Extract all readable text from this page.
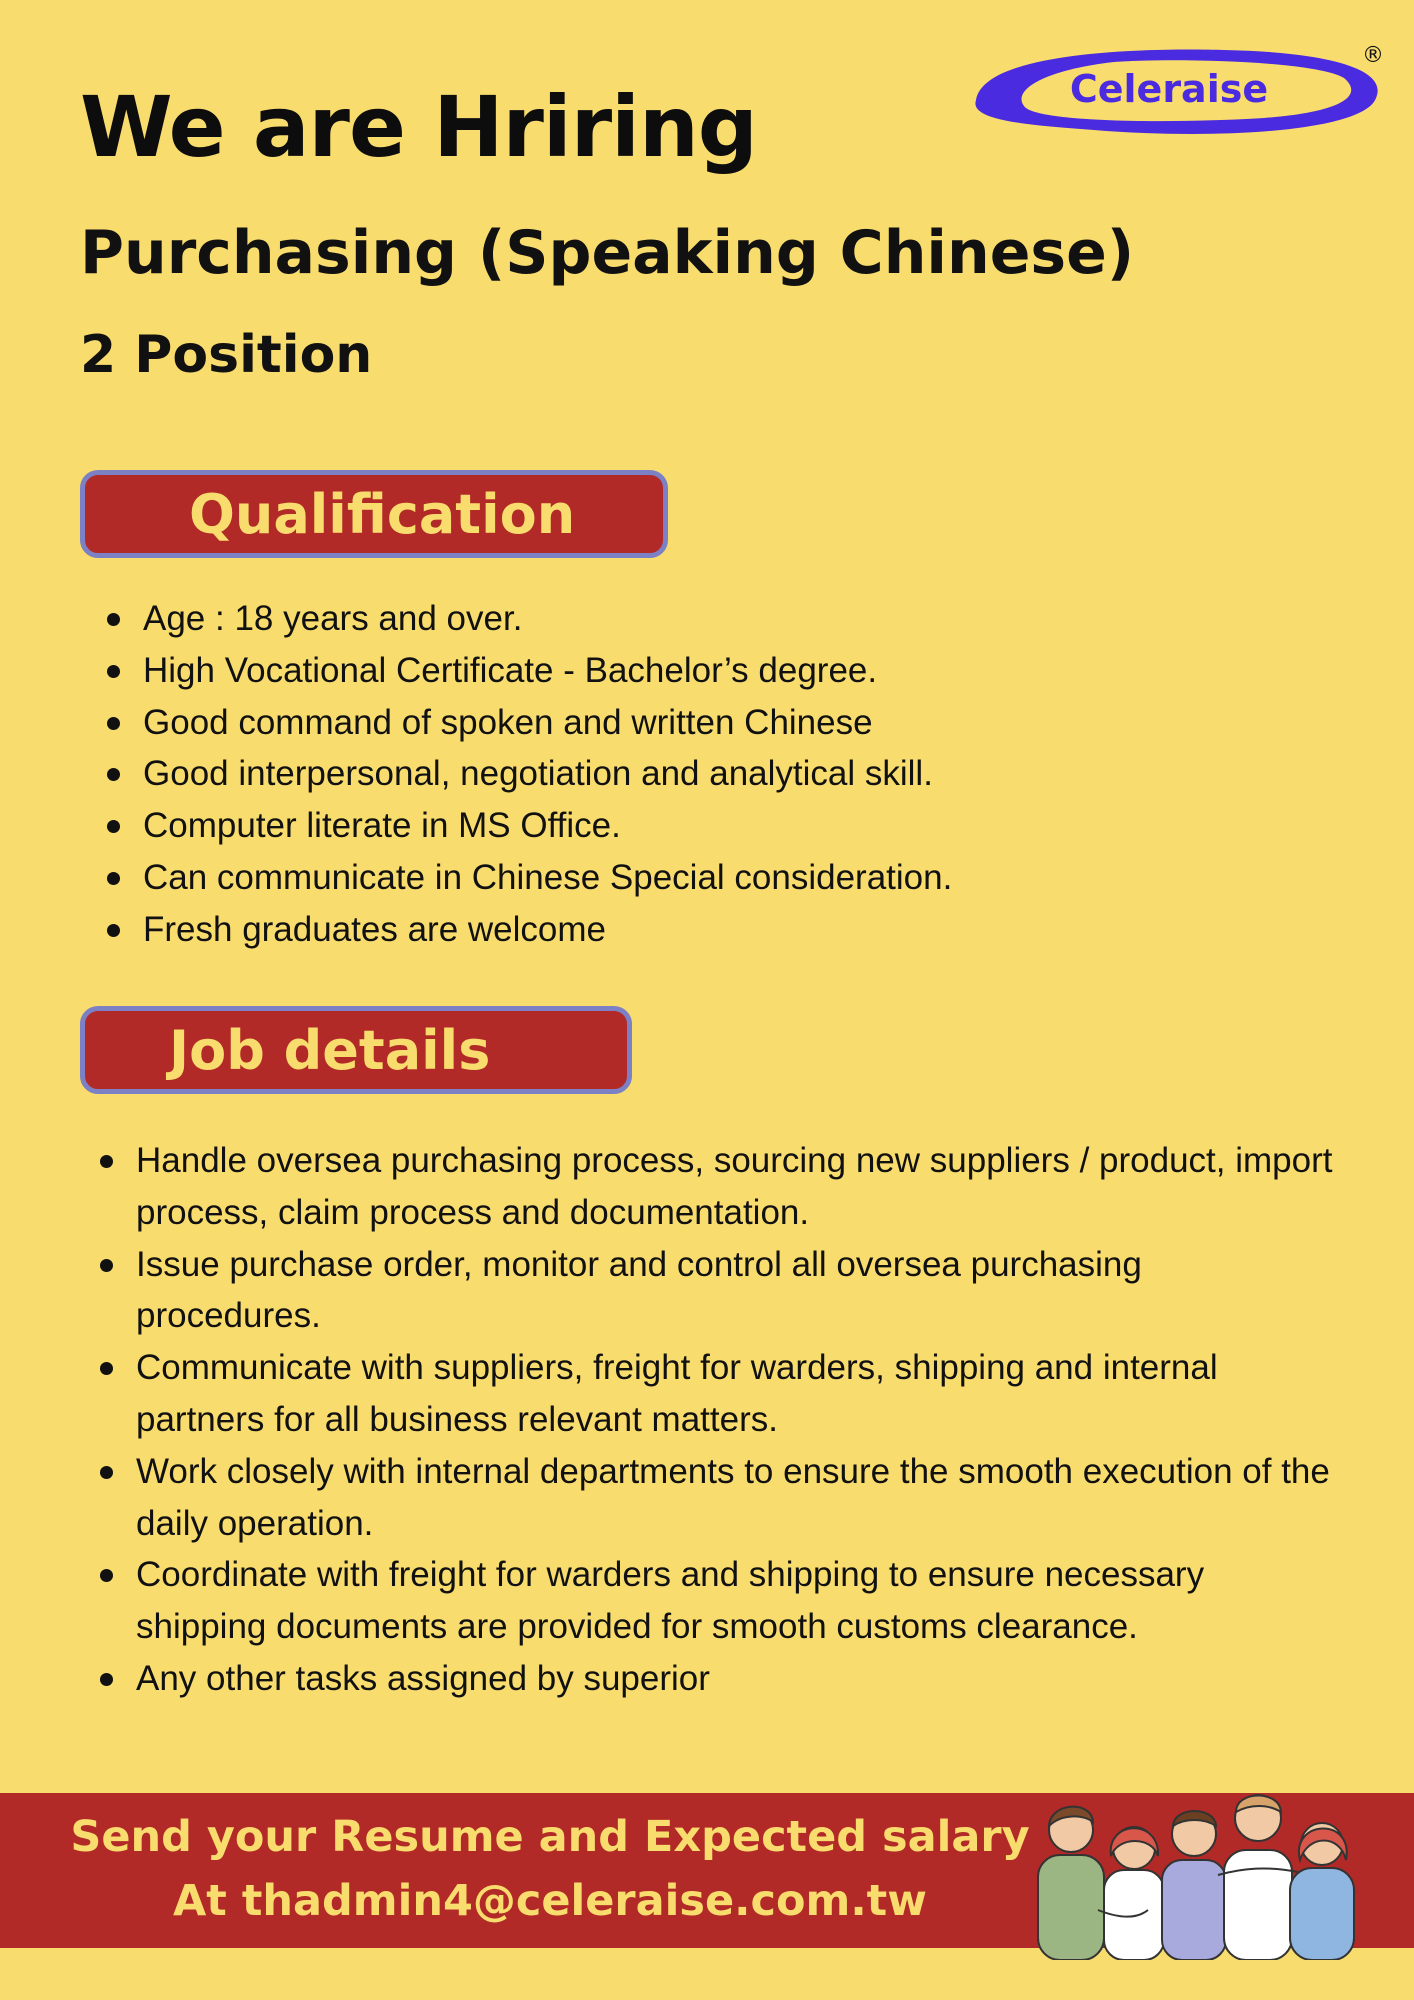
We are Hriring
Purchasing (Speaking Chinese)
2 Position
Celeraise
®
Qualification
Age : 18 years and over.
High Vocational Certificate - Bachelor’s degree.
Good command of spoken and written Chinese
Good interpersonal, negotiation and analytical skill.
Computer literate in MS Office.
Can communicate in Chinese Special consideration.
Fresh graduates are welcome
Job details
Handle oversea purchasing process, sourcing new suppliers / product, import process, claim process and documentation.
Issue purchase order, monitor and control all oversea purchasing procedures.
Communicate with suppliers, freight for warders, shipping and internal partners for all business relevant matters.
Work closely with internal departments to ensure the smooth execution of the daily operation.
Coordinate with freight for warders and shipping to ensure necessary shipping documents are provided for smooth customs clearance.
Any other tasks assigned by superior
Send your Resume and Expected salary
At thadmin4@celeraise.com.tw
